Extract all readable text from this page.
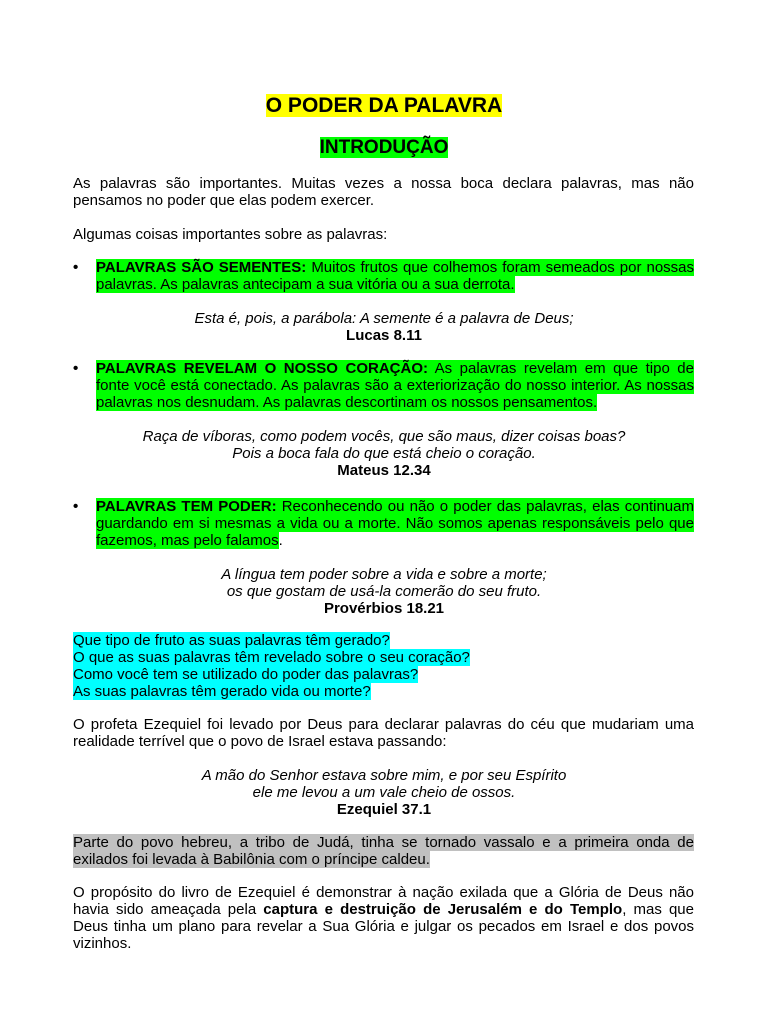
O PODER DA PALAVRA
INTRODUÇÃO

As palavras são importantes. Muitas vezes a nossa boca declara palavras, mas não pensamos no poder que elas podem exercer.

Algumas coisas importantes sobre as palavras:

• PALAVRAS SÃO SEMENTES: Muitos frutos que colhemos foram semeados por nossas palavras. As palavras antecipam a sua vitória ou a sua derrota.
Esta é, pois, a parábola: A semente é a palavra de Deus;
Lucas 8.11
• PALAVRAS REVELAM O NOSSO CORAÇÃO: As palavras revelam em que tipo de fonte você está conectado. As palavras são a exteriorização do nosso interior. As nossas palavras nos desnudam. As palavras descortinam os nossos pensamentos.
Raça de víboras, como podem vocês, que são maus, dizer coisas boas?
Pois a boca fala do que está cheio o coração.
Mateus 12.34
• PALAVRAS TEM PODER: Reconhecendo ou não o poder das palavras, elas continuam guardando em si mesmas a vida ou a morte. Não somos apenas responsáveis pelo que fazemos, mas pelo falamos.
A língua tem poder sobre a vida e sobre a morte;
os que gostam de usá-la comerão do seu fruto.
Provérbios 18.21
Que tipo de fruto as suas palavras têm gerado?
O que as suas palavras têm revelado sobre o seu coração?
Como você tem se utilizado do poder das palavras?
As suas palavras têm gerado vida ou morte?

O profeta Ezequiel foi levado por Deus para declarar palavras do céu que mudariam uma realidade terrível que o povo de Israel estava passando:

A mão do Senhor estava sobre mim, e por seu Espírito
ele me levou a um vale cheio de ossos.
Ezequiel 37.1

Parte do povo hebreu, a tribo de Judá, tinha se tornado vassalo e a primeira onda de exilados foi levada à Babilônia com o príncipe caldeu.

O propósito do livro de Ezequiel é demonstrar à nação exilada que a Glória de Deus não havia sido ameaçada pela captura e destruição de Jerusalém e do Templo, mas que Deus tinha um plano para revelar a Sua Glória e julgar os pecados em Israel e dos povos vizinhos.
